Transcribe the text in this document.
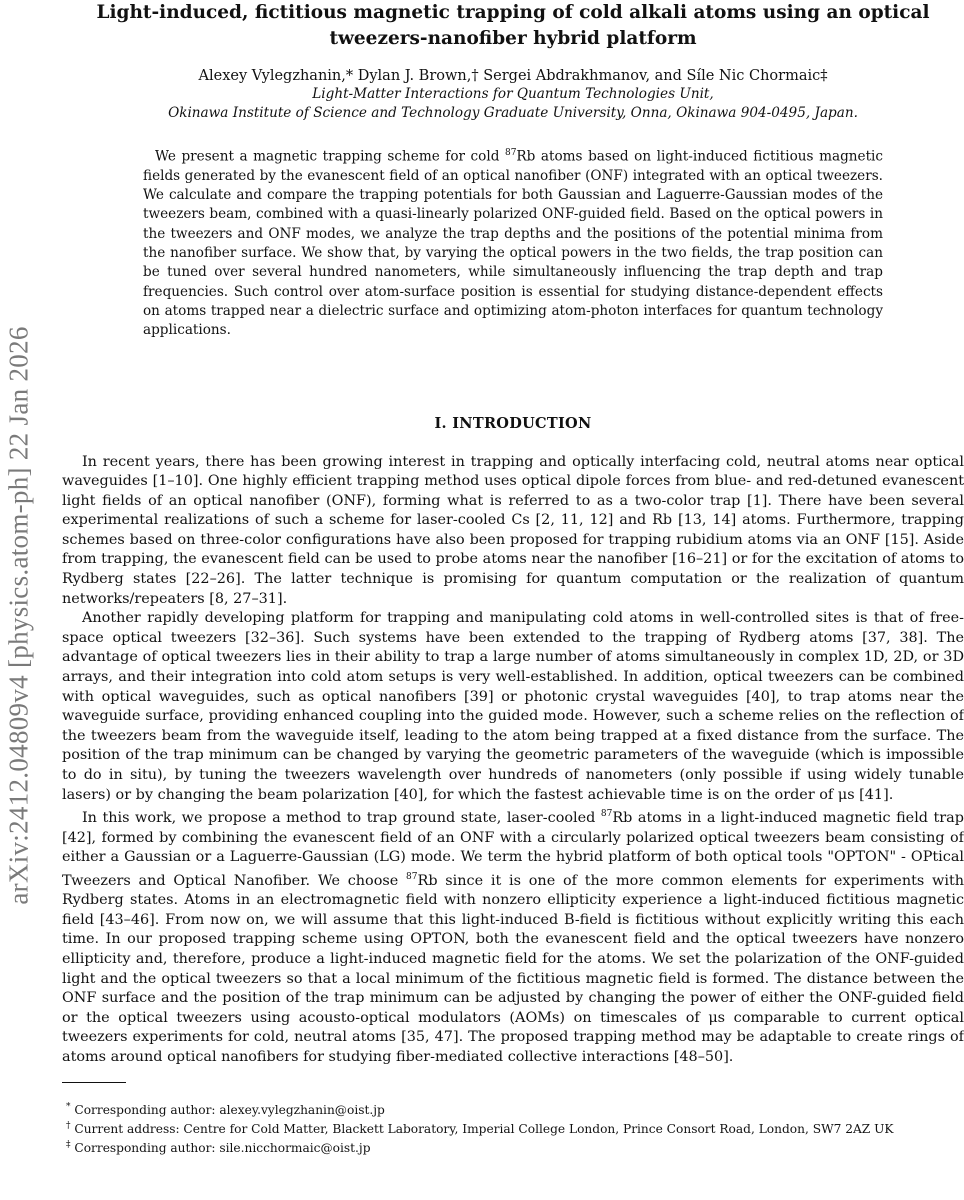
arXiv:2412.04809v4 [physics.atom-ph] 22 Jan 2026
Light-induced, fictitious magnetic trapping of cold alkali atoms using an optical
tweezers-nanofiber hybrid platform
Alexey Vylegzhanin,* Dylan J. Brown,† Sergei Abdrakhmanov, and Síle Nic Chormaic‡
Light-Matter Interactions for Quantum Technologies Unit,
Okinawa Institute of Science and Technology Graduate University, Onna, Okinawa 904-0495, Japan.
We present a magnetic trapping scheme for cold $^{87}$Rb atoms based on light-induced fictitious magnetic fields generated by the evanescent field of an optical nanofiber (ONF) integrated with an optical tweezers. We calculate and compare the trapping potentials for both Gaussian and Laguerre-Gaussian modes of the tweezers beam, combined with a quasi-linearly polarized ONF-guided field. Based on the optical powers in the tweezers and ONF modes, we analyze the trap depths and the positions of the potential minima from the nanofiber surface. We show that, by varying the optical powers in the two fields, the trap position can be tuned over several hundred nanometers, while simultaneously influencing the trap depth and trap frequencies. Such control over atom-surface position is essential for studying distance-dependent effects on atoms trapped near a dielectric surface and optimizing atom-photon interfaces for quantum technology applications.
I. INTRODUCTION

In recent years, there has been growing interest in trapping and optically interfacing cold, neutral atoms near optical waveguides [1–10]. One highly efficient trapping method uses optical dipole forces from blue- and red-detuned evanescent light fields of an optical nanofiber (ONF), forming what is referred to as a two-color trap [1]. There have been several experimental realizations of such a scheme for laser-cooled Cs [2, 11, 12] and Rb [13, 14] atoms. Furthermore, trapping schemes based on three-color configurations have also been proposed for trapping rubidium atoms via an ONF [15]. Aside from trapping, the evanescent field can be used to probe atoms near the nanofiber [16–21] or for the excitation of atoms to Rydberg states [22–26]. The latter technique is promising for quantum computation or the realization of quantum networks/repeaters [8, 27–31].

Another rapidly developing platform for trapping and manipulating cold atoms in well-controlled sites is that of free-space optical tweezers [32–36]. Such systems have been extended to the trapping of Rydberg atoms [37, 38]. The advantage of optical tweezers lies in their ability to trap a large number of atoms simultaneously in complex 1D, 2D, or 3D arrays, and their integration into cold atom setups is very well-established. In addition, optical tweezers can be combined with optical waveguides, such as optical nanofibers [39] or photonic crystal waveguides [40], to trap atoms near the waveguide surface, providing enhanced coupling into the guided mode. However, such a scheme relies on the reflection of the tweezers beam from the waveguide itself, leading to the atom being trapped at a fixed distance from the surface. The position of the trap minimum can be changed by varying the geometric parameters of the waveguide (which is impossible to do in situ), by tuning the tweezers wavelength over hundreds of nanometers (only possible if using widely tunable lasers) or by changing the beam polarization [40], for which the fastest achievable time is on the order of μs [41].

In this work, we propose a method to trap ground state, laser-cooled $^{87}$Rb atoms in a light-induced magnetic field trap [42], formed by combining the evanescent field of an ONF with a circularly polarized optical tweezers beam consisting of either a Gaussian or a Laguerre-Gaussian (LG) mode. We term the hybrid platform of both optical tools "OPTON" - OPtical Tweezers and Optical Nanofiber. We choose $^{87}$Rb since it is one of the more common elements for experiments with Rydberg states. Atoms in an electromagnetic field with nonzero ellipticity experience a light-induced fictitious magnetic field [43–46]. From now on, we will assume that this light-induced B-field is fictitious without explicitly writing this each time. In our proposed trapping scheme using OPTON, both the evanescent field and the optical tweezers have nonzero ellipticity and, therefore, produce a light-induced magnetic field for the atoms. We set the polarization of the ONF-guided light and the optical tweezers so that a local minimum of the fictitious magnetic field is formed. The distance between the ONF surface and the position of the trap minimum can be adjusted by changing the power of either the ONF-guided field or the optical tweezers using acousto-optical modulators (AOMs) on timescales of μs comparable to current optical tweezers experiments for cold, neutral atoms [35, 47]. The proposed trapping method may be adaptable to create rings of atoms around optical nanofibers for studying fiber-mediated collective interactions [48–50].

* Corresponding author: alexey.vylegzhanin@oist.jp
† Current address: Centre for Cold Matter, Blackett Laboratory, Imperial College London, Prince Consort Road, London, SW7 2AZ UK
‡ Corresponding author: sile.nicchormaic@oist.jp
